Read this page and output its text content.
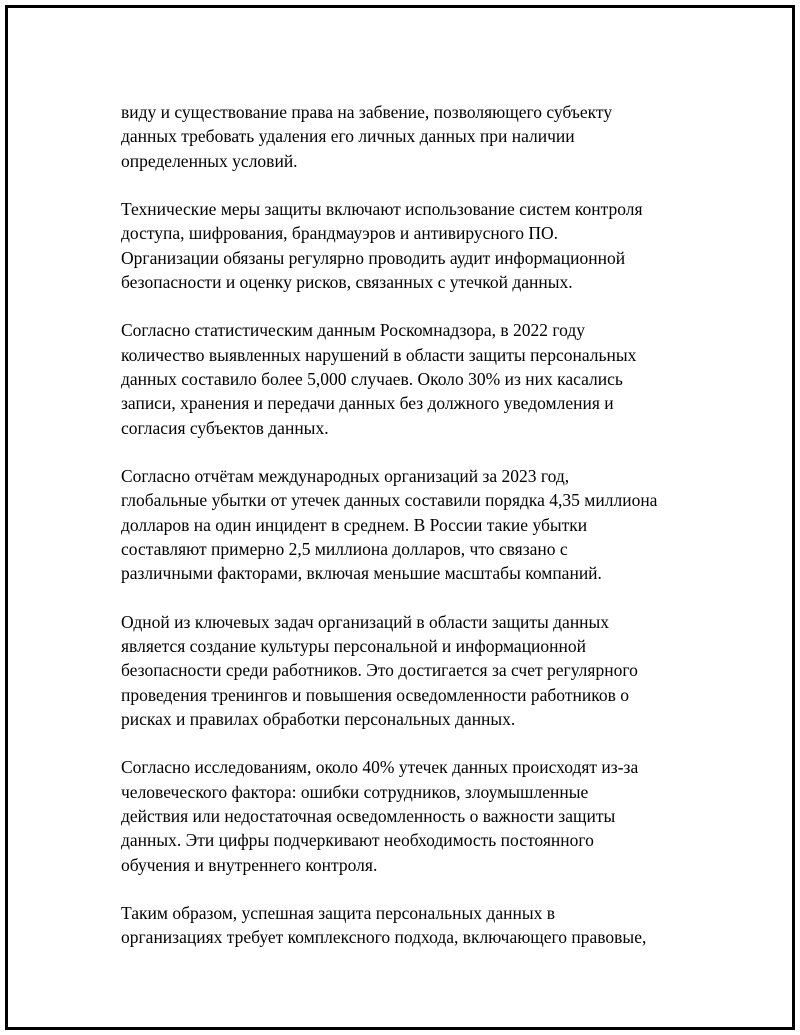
виду и существование права на забвение, позволяющего субъекту
данных требовать удаления его личных данных при наличии
определенных условий.

Технические меры защиты включают использование систем контроля
доступа, шифрования, брандмауэров и антивирусного ПО.
Организации обязаны регулярно проводить аудит информационной
безопасности и оценку рисков, связанных с утечкой данных.

Согласно статистическим данным Роскомнадзора, в 2022 году
количество выявленных нарушений в области защиты персональных
данных составило более 5,000 случаев. Около 30% из них касались
записи, хранения и передачи данных без должного уведомления и
согласия субъектов данных.

Согласно отчётам международных организаций за 2023 год,
глобальные убытки от утечек данных составили порядка 4,35 миллиона
долларов на один инцидент в среднем. В России такие убытки
составляют примерно 2,5 миллиона долларов, что связано с
различными факторами, включая меньшие масштабы компаний.

Одной из ключевых задач организаций в области защиты данных
является создание культуры персональной и информационной
безопасности среди работников. Это достигается за счет регулярного
проведения тренингов и повышения осведомленности работников о
рисках и правилах обработки персональных данных.

Согласно исследованиям, около 40% утечек данных происходят из-за
человеческого фактора: ошибки сотрудников, злоумышленные
действия или недостаточная осведомленность о важности защиты
данных. Эти цифры подчеркивают необходимость постоянного
обучения и внутреннего контроля.

Таким образом, успешная защита персональных данных в
организациях требует комплексного подхода, включающего правовые,
